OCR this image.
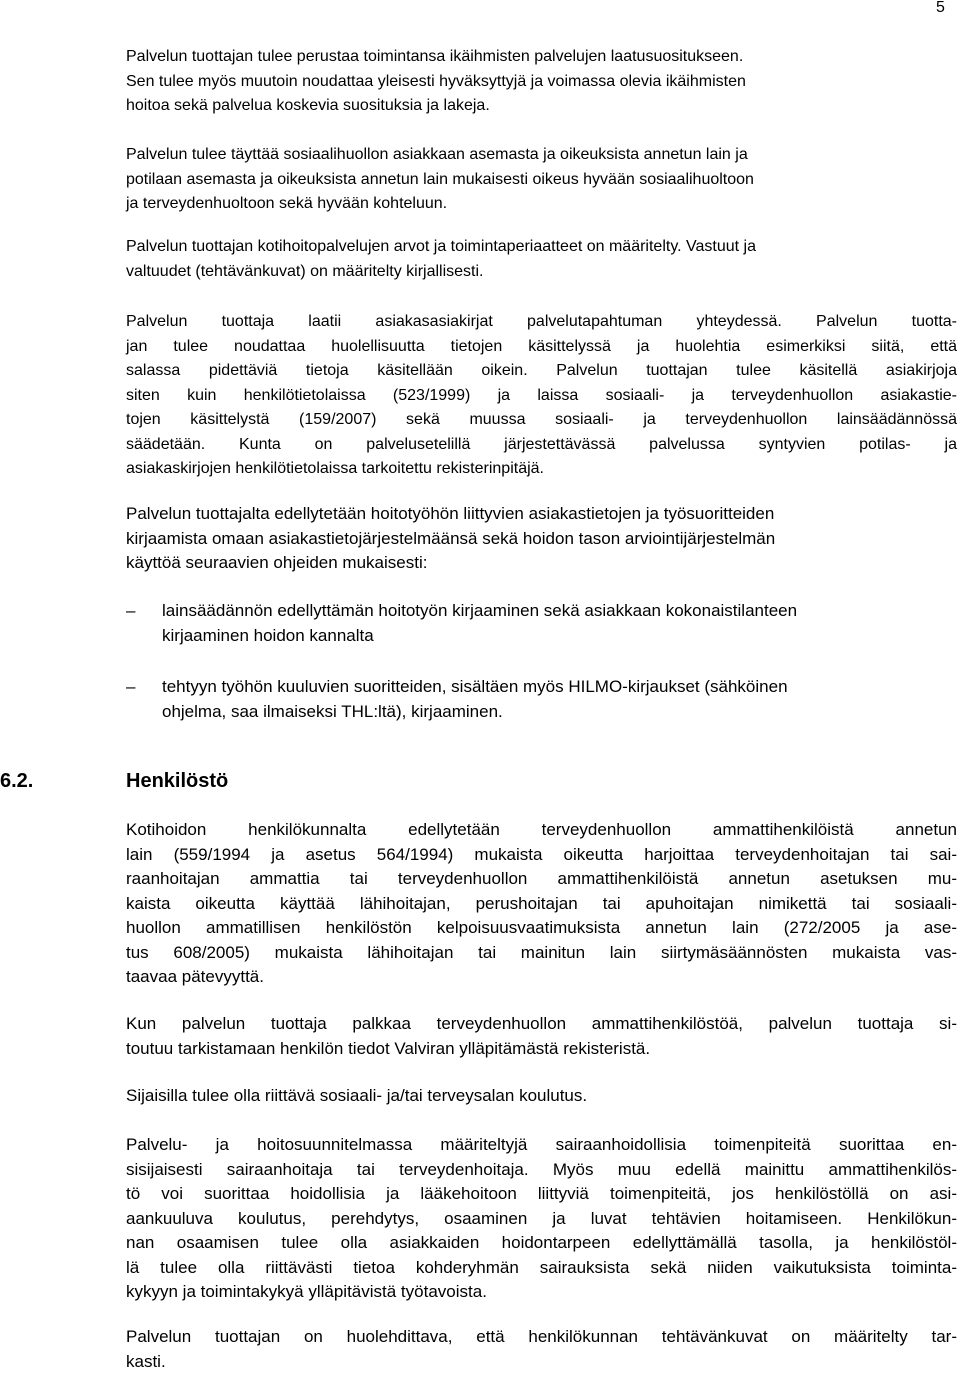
5
Palvelun tuottajan tulee perustaa toimintansa ikäihmisten palvelujen laatusuositukseen.
Sen tulee myös muutoin noudattaa yleisesti hyväksyttyjä ja voimassa olevia ikäihmisten
hoitoa sekä palvelua koskevia suosituksia ja lakeja.
Palvelun tulee täyttää sosiaalihuollon asiakkaan asemasta ja oikeuksista annetun lain ja
potilaan asemasta ja oikeuksista annetun lain mukaisesti oikeus hyvään sosiaalihuoltoon
ja terveydenhuoltoon sekä hyvään kohteluun.
Palvelun tuottajan kotihoitopalvelujen arvot ja toimintaperiaatteet on määritelty. Vastuut ja
valtuudet (tehtävänkuvat) on määritelty kirjallisesti.
Palvelun tuottaja laatii asiakasasiakirjat palvelutapahtuman yhteydessä. Palvelun tuotta-
jan tulee noudattaa huolellisuutta tietojen käsittelyssä ja huolehtia esimerkiksi siitä, että
salassa pidettäviä tietoja käsitellään oikein. Palvelun tuottajan tulee käsitellä asiakirjoja
siten kuin henkilötietolaissa (523/1999) ja laissa sosiaali- ja terveydenhuollon asiakastie-
tojen käsittelystä (159/2007) sekä muussa sosiaali- ja terveydenhuollon lainsäädännössä
säädetään. Kunta on palvelusetelillä järjestettävässä palvelussa syntyvien potilas- ja
asiakaskirjojen henkilötietolaissa tarkoitettu rekisterinpitäjä.
Palvelun tuottajalta edellytetään hoitotyöhön liittyvien asiakastietojen ja työsuoritteiden
kirjaamista omaan asiakastietojärjestelmäänsä sekä hoidon tason arviointijärjestelmän
käyttöä seuraavien ohjeiden mukaisesti:
–	lainsäädännön edellyttämän hoitotyön kirjaaminen sekä asiakkaan kokonaistilanteen
kirjaaminen hoidon kannalta
–	tehtyyn työhön kuuluvien suoritteiden, sisältäen myös HILMO-kirjaukset (sähköinen
ohjelma, saa ilmaiseksi THL:ltä), kirjaaminen.
6.2.	Henkilöstö
Kotihoidon henkilökunnalta edellytetään terveydenhuollon ammattihenkilöistä annetun
lain (559/1994 ja asetus 564/1994) mukaista oikeutta harjoittaa terveydenhoitajan tai sai-
raanhoitajan ammattia tai terveydenhuollon ammattihenkilöistä annetun asetuksen mu-
kaista oikeutta käyttää lähihoitajan, perushoitajan tai apuhoitajan nimikettä tai sosiaali-
huollon ammatillisen henkilöstön kelpoisuusvaatimuksista annetun lain (272/2005 ja ase-
tus 608/2005) mukaista lähihoitajan tai mainitun lain siirtymäsäännösten mukaista vas-
taavaa pätevyyttä.
Kun palvelun tuottaja palkkaa terveydenhuollon ammattihenkilöstöä, palvelun tuottaja si-
toutuu tarkistamaan henkilön tiedot Valviran ylläpitämästä rekisteristä.
Sijaisilla tulee olla riittävä sosiaali- ja/tai terveysalan koulutus.
Palvelu- ja hoitosuunnitelmassa määriteltyjä sairaanhoidollisia toimenpiteitä suorittaa en-
sisijaisesti sairaanhoitaja tai terveydenhoitaja. Myös muu edellä mainittu ammattihenkilös-
tö voi suorittaa hoidollisia ja lääkehoitoon liittyviä toimenpiteitä, jos henkilöstöllä on asi-
aankuuluva koulutus, perehdytys, osaaminen ja luvat tehtävien hoitamiseen. Henkilökun-
nan osaamisen tulee olla asiakkaiden hoidontarpeen edellyttämällä tasolla, ja henkilöstöl-
lä tulee olla riittävästi tietoa kohderyhmän sairauksista sekä niiden vaikutuksista toiminta-
kykyyn ja toimintakykyä ylläpitävistä työtavoista.
Palvelun tuottajan on huolehdittava, että henkilökunnan tehtävänkuvat on määritelty tar-
kasti.
